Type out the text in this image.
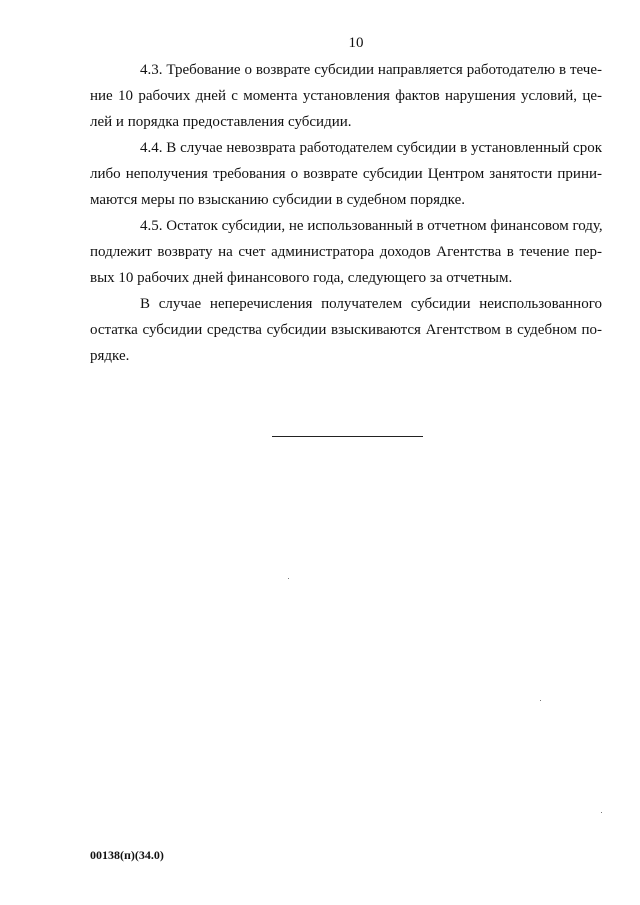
10
4.3. Требование о возврате субсидии направляется работодателю в тече-
ние 10 рабочих дней с момента установления фактов нарушения условий, це-
лей и порядка предоставления субсидии.
4.4. В случае невозврата работодателем субсидии в установленный срок
либо неполучения требования о возврате субсидии Центром занятости прини-
маются меры по взысканию субсидии в судебном порядке.
4.5. Остаток субсидии, не использованный в отчетном финансовом году,
подлежит возврату на счет администратора доходов Агентства в течение пер-
вых 10 рабочих дней финансового года, следующего за отчетным.
В случае неперечисления получателем субсидии неиспользованного
остатка субсидии средства субсидии взыскиваются Агентством в судебном по-
рядке.
00138(п)(34.0)
